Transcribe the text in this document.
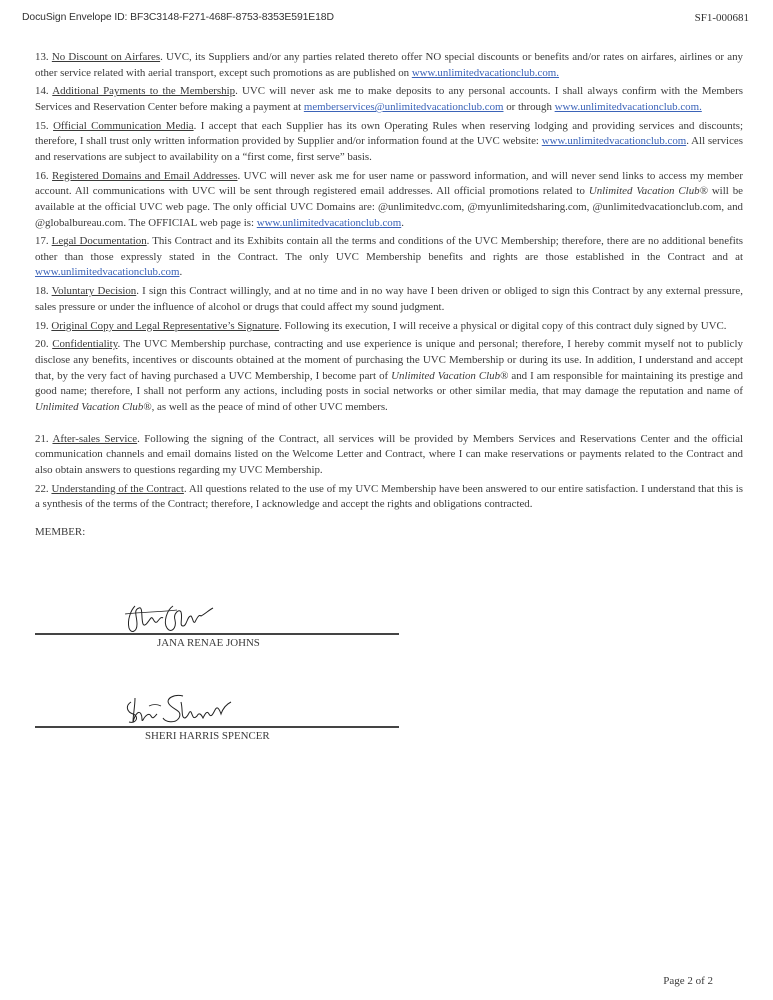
DocuSign Envelope ID: BF3C3148-F271-468F-8753-8353E591E18D	SF1-000681

13. No Discount on Airfares. UVC, its Suppliers and/or any parties related thereto offer NO special discounts or benefits and/or rates on airfares, airlines or any other service related with aerial transport, except such promotions as are published on www.unlimitedvacationclub.com.

14. Additional Payments to the Membership. UVC will never ask me to make deposits to any personal accounts. I shall always confirm with the Members Services and Reservation Center before making a payment at memberservices@unlimitedvacationclub.com or through www.unlimitedvacationclub.com.

15. Official Communication Media. I accept that each Supplier has its own Operating Rules when reserving lodging and providing services and discounts; therefore, I shall trust only written information provided by Supplier and/or information found at the UVC website: www.unlimitedvacationclub.com. All services and reservations are subject to availability on a “first come, first serve” basis.

16. Registered Domains and Email Addresses. UVC will never ask me for user name or password information, and will never send links to access my member account. All communications with UVC will be sent through registered email addresses. All official promotions related to Unlimited Vacation Club® will be available at the official UVC web page. The only official UVC Domains are: @unlimitedvc.com, @myunlimitedsharing.com, @unlimitedvacationclub.com, and @globalbureau.com. The OFFICIAL web page is: www.unlimitedvacationclub.com.

17. Legal Documentation. This Contract and its Exhibits contain all the terms and conditions of the UVC Membership; therefore, there are no additional benefits other than those expressly stated in the Contract. The only UVC Membership benefits and rights are those established in the Contract and at www.unlimitedvacationclub.com.

18. Voluntary Decision. I sign this Contract willingly, and at no time and in no way have I been driven or obliged to sign this Contract by any external pressure, sales pressure or under the influence of alcohol or drugs that could affect my sound judgment.

19. Original Copy and Legal Representative’s Signature. Following its execution, I will receive a physical or digital copy of this contract duly signed by UVC.

20. Confidentiality. The UVC Membership purchase, contracting and use experience is unique and personal; therefore, I hereby commit myself not to publicly disclose any benefits, incentives or discounts obtained at the moment of purchasing the UVC Membership or during its use. In addition, I understand and accept that, by the very fact of having purchased a UVC Membership, I become part of Unlimited Vacation Club® and I am responsible for maintaining its prestige and good name; therefore, I shall not perform any actions, including posts in social networks or other similar media, that may damage the reputation and name of Unlimited Vacation Club®, as well as the peace of mind of other UVC members.

21. After-sales Service. Following the signing of the Contract, all services will be provided by Members Services and Reservations Center and the official communication channels and email domains listed on the Welcome Letter and Contract, where I can make reservations or payments related to the Contract and also obtain answers to questions regarding my UVC Membership.

22. Understanding of the Contract. All questions related to the use of my UVC Membership have been answered to our entire satisfaction. I understand that this is a synthesis of the terms of the Contract; therefore, I acknowledge and accept the rights and obligations contracted.

MEMBER:
JANA RENAE JOHNS
SHERI HARRIS SPENCER
Page 2 of 2
